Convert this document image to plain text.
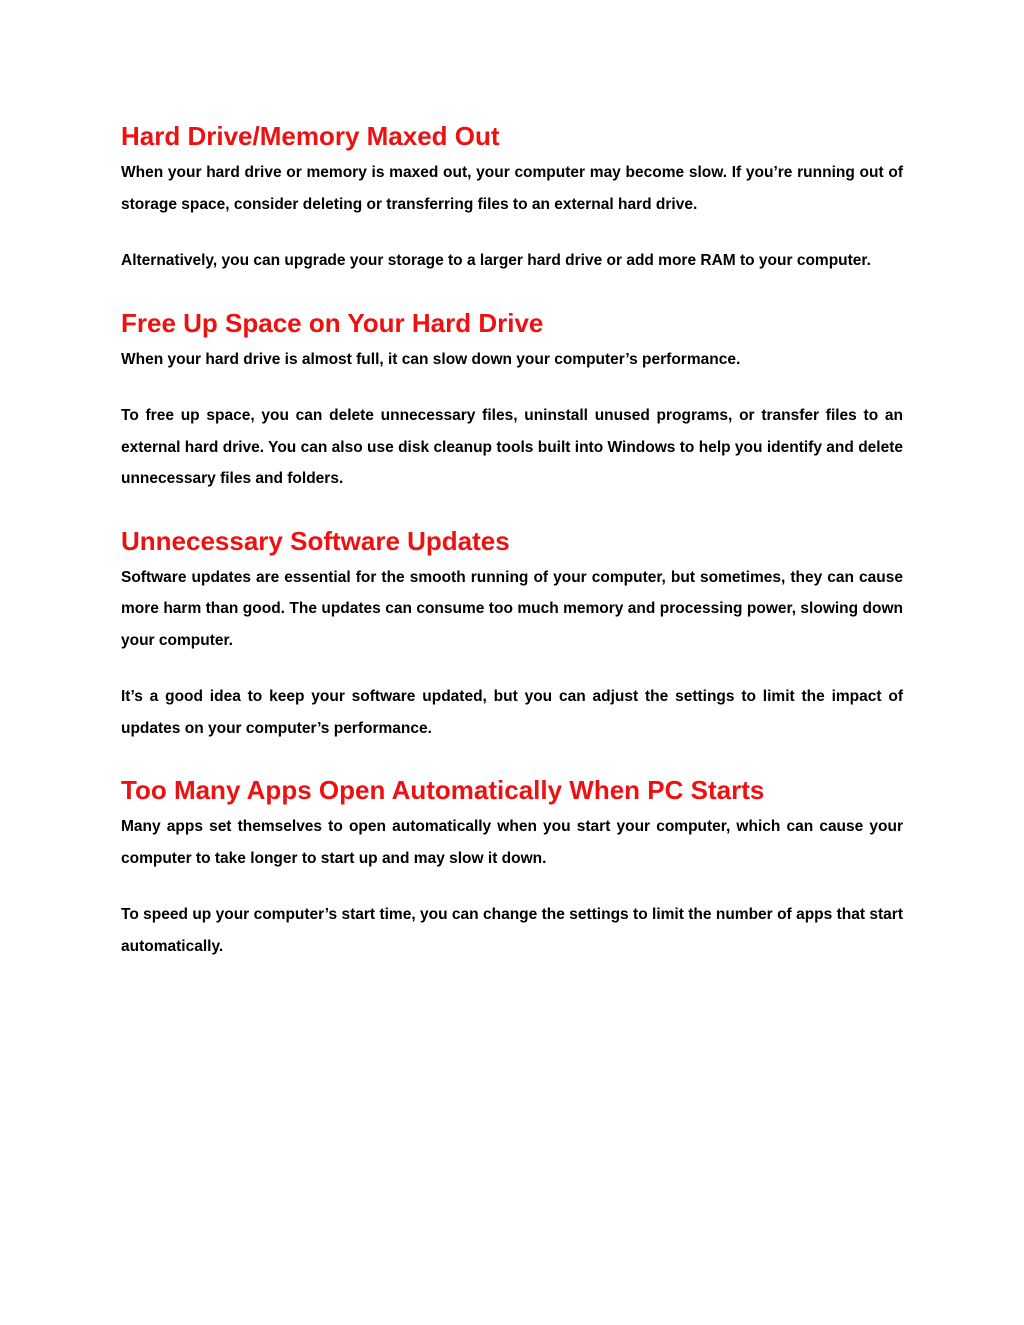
Hard Drive/Memory Maxed Out

When your hard drive or memory is maxed out, your computer may become slow. If you’re running out of storage space, consider deleting or transferring files to an external hard drive.

Alternatively, you can upgrade your storage to a larger hard drive or add more RAM to your computer.

Free Up Space on Your Hard Drive

When your hard drive is almost full, it can slow down your computer’s performance.

To free up space, you can delete unnecessary files, uninstall unused programs, or transfer files to an external hard drive. You can also use disk cleanup tools built into Windows to help you identify and delete unnecessary files and folders.

Unnecessary Software Updates

Software updates are essential for the smooth running of your computer, but sometimes, they can cause more harm than good. The updates can consume too much memory and processing power, slowing down your computer.

It’s a good idea to keep your software updated, but you can adjust the settings to limit the impact of updates on your computer’s performance.

Too Many Apps Open Automatically When PC Starts

Many apps set themselves to open automatically when you start your computer, which can cause your computer to take longer to start up and may slow it down.

To speed up your computer’s start time, you can change the settings to limit the number of apps that start automatically.
